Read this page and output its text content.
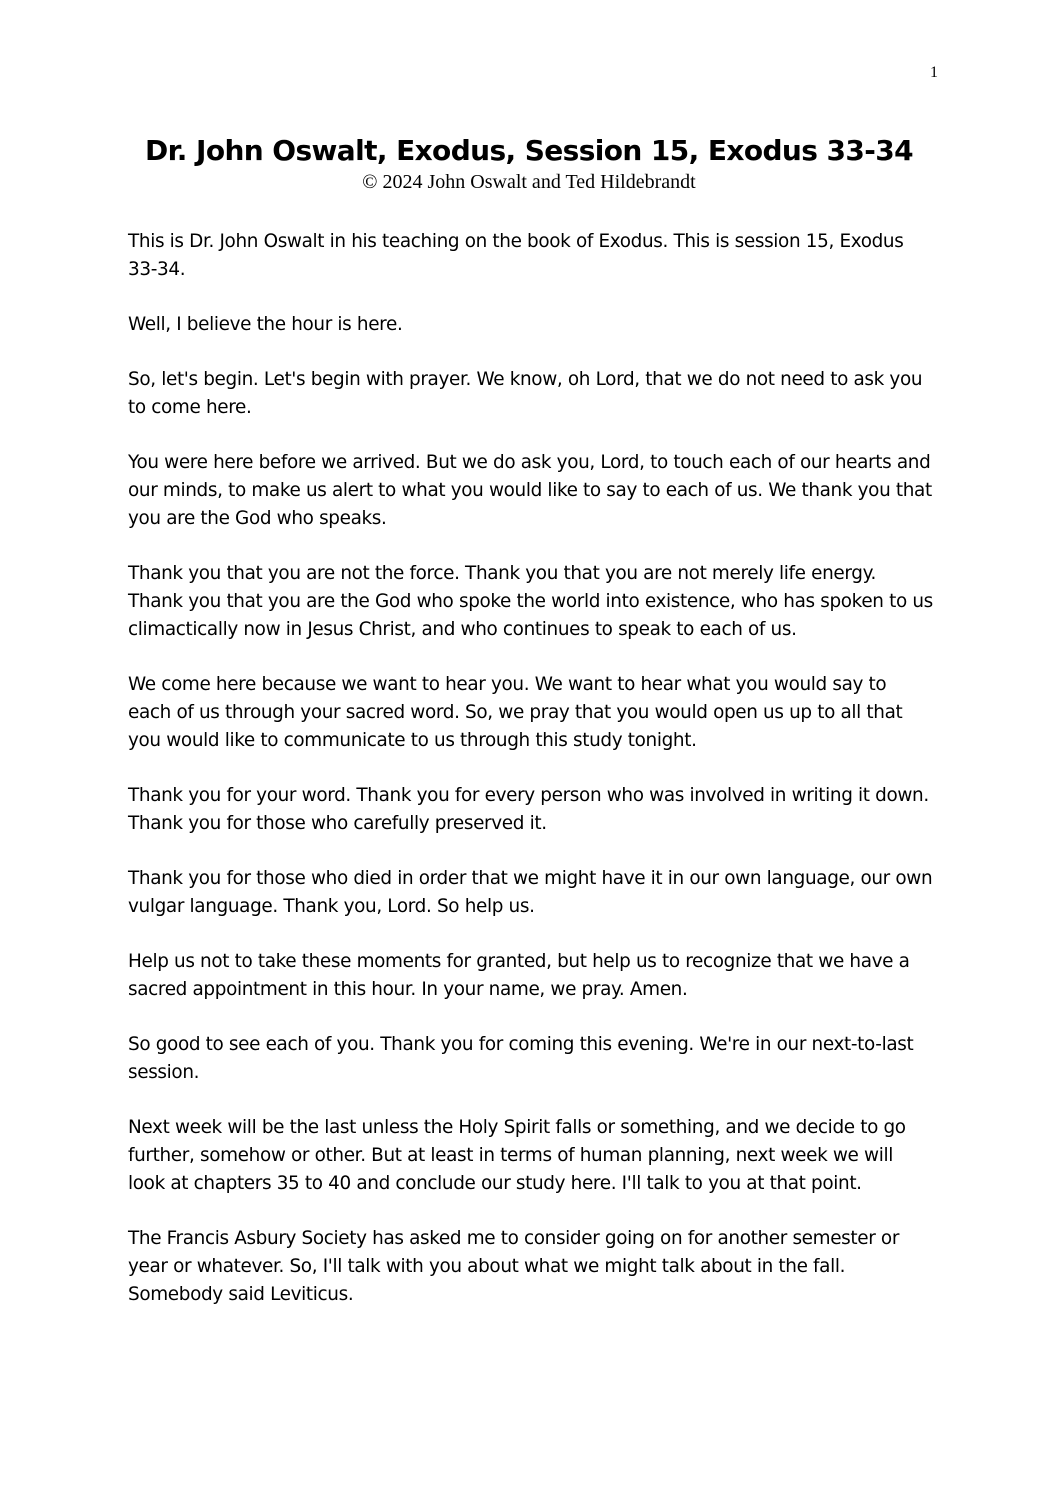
1
Dr. John Oswalt, Exodus, Session 15, Exodus 33-34

© 2024 John Oswalt and Ted Hildebrandt

This is Dr. John Oswalt in his teaching on the book of Exodus. This is session 15, Exodus 33-34.

Well, I believe the hour is here.

So, let's begin. Let's begin with prayer. We know, oh Lord, that we do not need to ask you to come here.

You were here before we arrived. But we do ask you, Lord, to touch each of our hearts and our minds, to make us alert to what you would like to say to each of us. We thank you that you are the God who speaks.

Thank you that you are not the force. Thank you that you are not merely life energy. Thank you that you are the God who spoke the world into existence, who has spoken to us climactically now in Jesus Christ, and who continues to speak to each of us.

We come here because we want to hear you. We want to hear what you would say to each of us through your sacred word. So, we pray that you would open us up to all that you would like to communicate to us through this study tonight.

Thank you for your word. Thank you for every person who was involved in writing it down. Thank you for those who carefully preserved it.

Thank you for those who died in order that we might have it in our own language, our own vulgar language. Thank you, Lord. So help us.

Help us not to take these moments for granted, but help us to recognize that we have a sacred appointment in this hour. In your name, we pray. Amen.

So good to see each of you. Thank you for coming this evening. We're in our next-to-last session.

Next week will be the last unless the Holy Spirit falls or something, and we decide to go further, somehow or other. But at least in terms of human planning, next week we will look at chapters 35 to 40 and conclude our study here. I'll talk to you at that point.

The Francis Asbury Society has asked me to consider going on for another semester or year or whatever. So, I'll talk with you about what we might talk about in the fall. Somebody said Leviticus.
